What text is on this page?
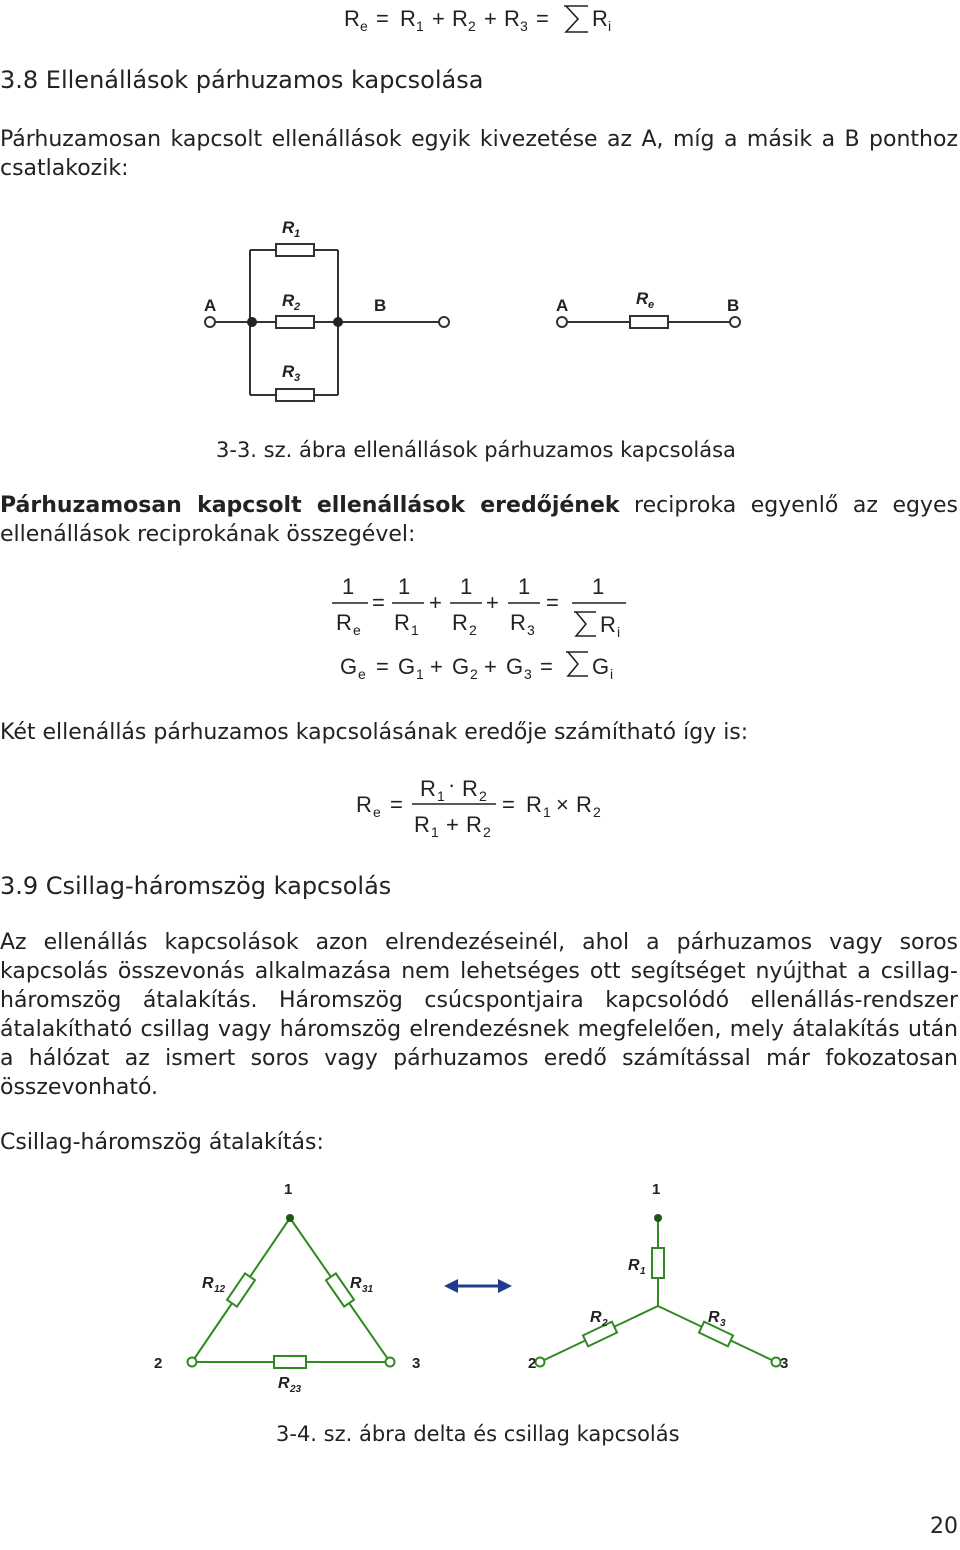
R e = R 1 + R 2 + R 3 = R i
3.8 Ellenállások párhuzamos kapcsolása
Párhuzamosan kapcsolt ellenállások egyik kivezetése az A, míg a másik a B ponthoz csatlakozik:
R 1
R 2
R 3
A	B	A	R e	B
3-3. sz. ábra ellenállások párhuzamos kapcsolása
Párhuzamosan kapcsolt ellenállások eredőjének reciproka egyenlő az egyes ellenállások reciprokának összegével:
1
R e
=
1
R 1
+
1
R 2
+
1
R 3
=
1
R i
G e = G 1 + G 2 + G 3 = G i
Két ellenállás párhuzamos kapcsolásának eredője számítható így is:
R e =
R 1 · R 2
R 1 + R 2
= R 1 × R 2
3.9 Csillag-háromszög kapcsolás
Az ellenállás kapcsolások azon elrendezéseinél, ahol a párhuzamos vagy soros kapcsolás összevonás alkalmazása nem lehetséges ott segítséget nyújthat a csillag-háromszög átalakítás. Háromszög csúcspontjaira kapcsolódó ellenállás-rendszer átalakítható csillag vagy háromszög elrendezésnek megfelelően, mely átalakítás után a hálózat az ismert soros vagy párhuzamos eredő számítással már fokozatosan összevonható.
Csillag-háromszög átalakítás:
1
2	3
1
2	3
R 12	R 31
R 23
R 1
R 2	R 3
3-4. sz. ábra delta és csillag kapcsolás
20
